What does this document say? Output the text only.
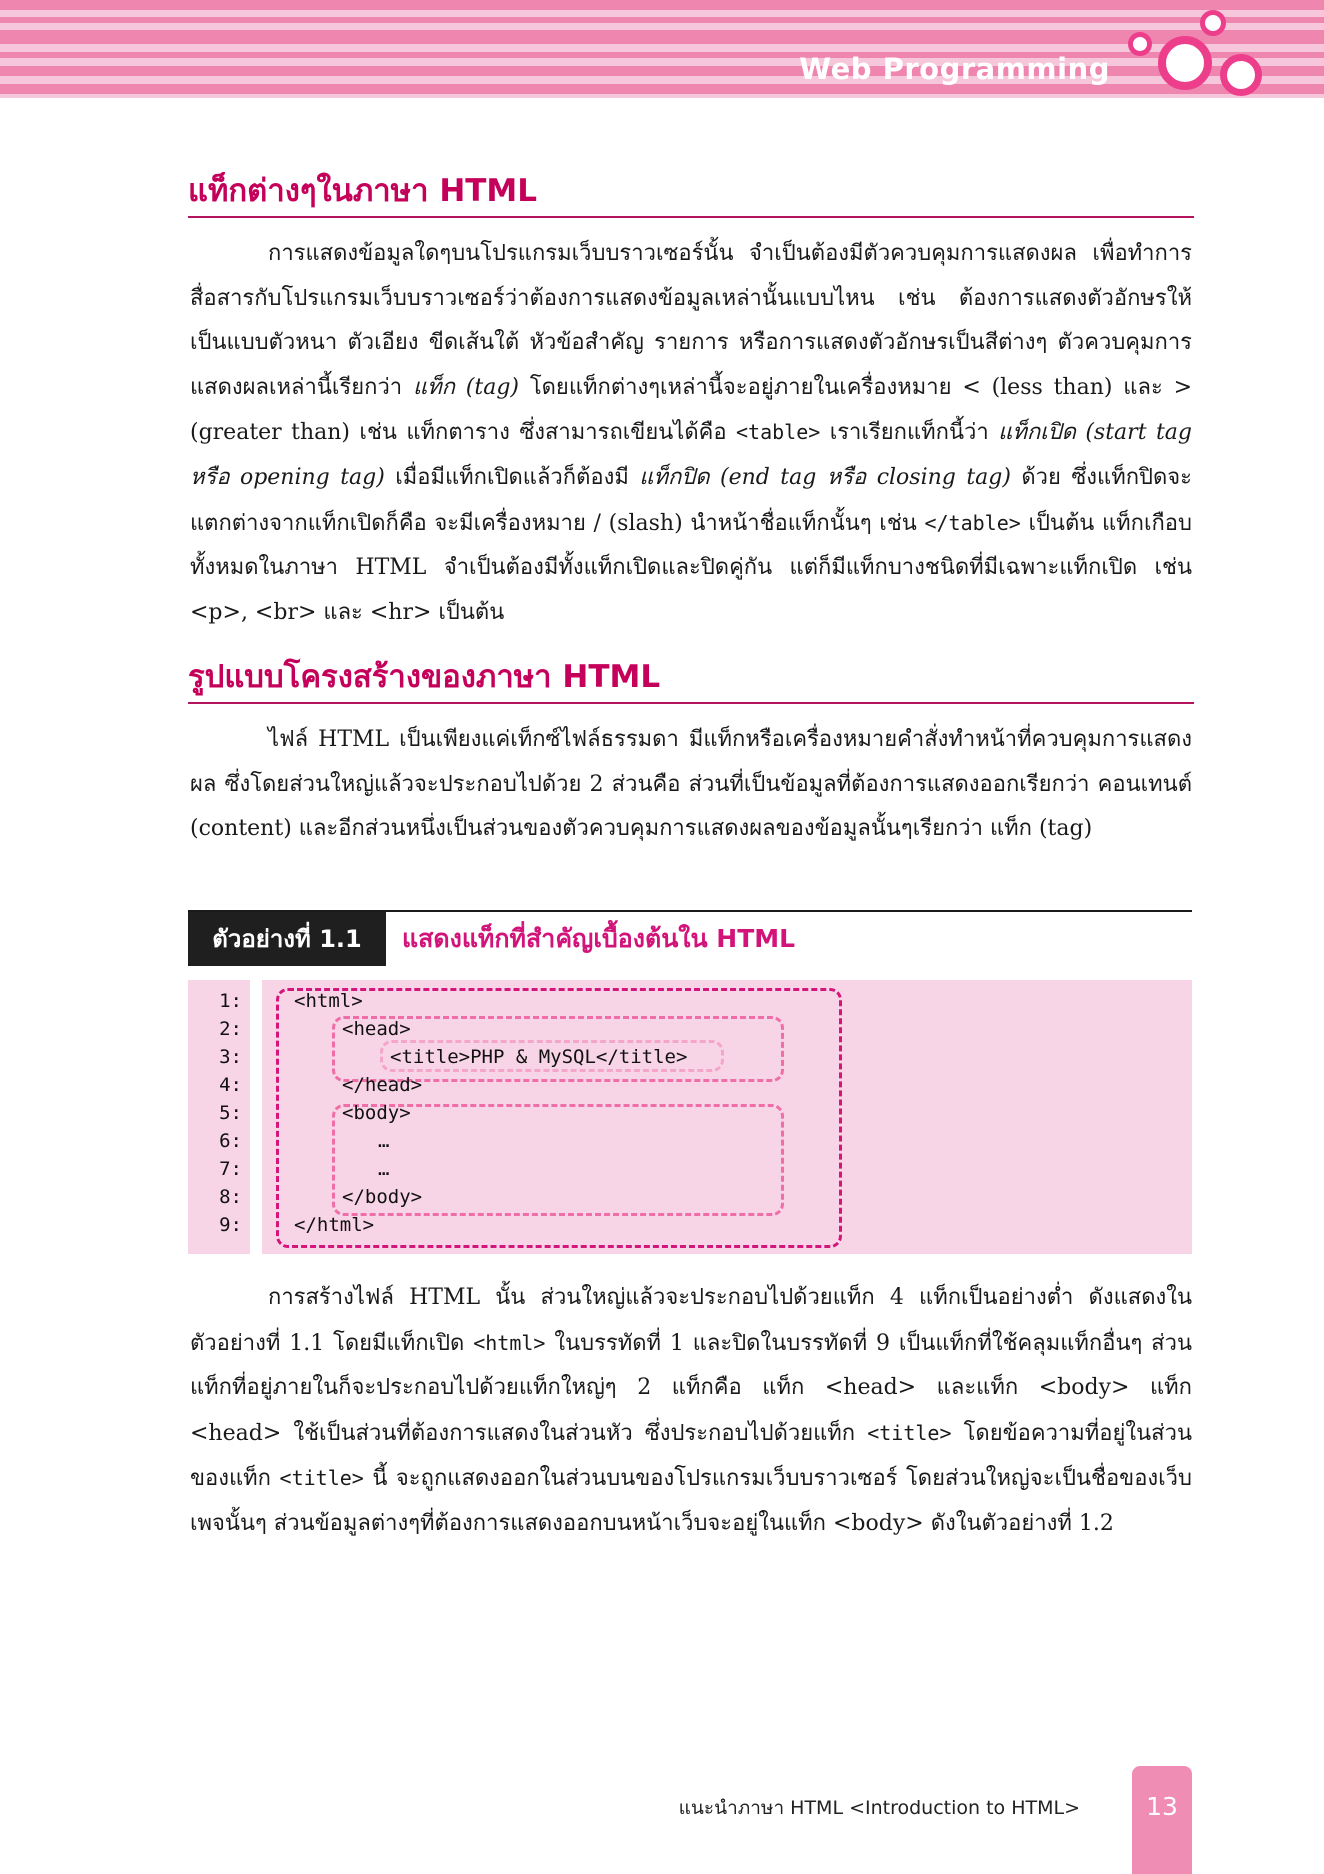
Web Programming
แท็กต่างๆในภาษา HTML
การแสดงข้อมูลใดๆบนโปรแกรมเว็บบราวเซอร์นั้น จำเป็นต้องมีตัวควบคุมการแสดงผล เพื่อทำการสื่อสารกับโปรแกรมเว็บบราวเซอร์ว่าต้องการแสดงข้อมูลเหล่านั้นแบบไหน เช่น ต้องการแสดงตัวอักษรให้เป็นแบบตัวหนา ตัวเอียง ขีดเส้นใต้ หัวข้อสำคัญ รายการ หรือการแสดงตัวอักษรเป็นสีต่างๆ ตัวควบคุมการแสดงผลเหล่านี้เรียกว่า แท็ก (tag) โดยแท็กต่างๆเหล่านี้จะอยู่ภายในเครื่องหมาย < (less than) และ > (greater than) เช่น แท็กตาราง ซึ่งสามารถเขียนได้คือ <table> เราเรียกแท็กนี้ว่า แท็กเปิด (start tag หรือ opening tag) เมื่อมีแท็กเปิดแล้วก็ต้องมี แท็กปิด (end tag หรือ closing tag) ด้วย ซึ่งแท็กปิดจะแตกต่างจากแท็กเปิดก็คือ จะมีเครื่องหมาย / (slash) นำหน้าชื่อแท็กนั้นๆ เช่น </table> เป็นต้น แท็กเกือบทั้งหมดในภาษา HTML จำเป็นต้องมีทั้งแท็กเปิดและปิดคู่กัน แต่ก็มีแท็กบางชนิดที่มีเฉพาะแท็กเปิด เช่น <p>, <br> และ <hr> เป็นต้น
รูปแบบโครงสร้างของภาษา HTML
ไฟล์ HTML เป็นเพียงแค่เท็กซ์ไฟล์ธรรมดา มีแท็กหรือเครื่องหมายคำสั่งทำหน้าที่ควบคุมการแสดงผล ซึ่งโดยส่วนใหญ่แล้วจะประกอบไปด้วย 2 ส่วนคือ ส่วนที่เป็นข้อมูลที่ต้องการแสดงออกเรียกว่า คอนเทนต์ (content) และอีกส่วนหนึ่งเป็นส่วนของตัวควบคุมการแสดงผลของข้อมูลนั้นๆเรียกว่า แท็ก (tag)
ตัวอย่างที่ 1.1	แสดงแท็กที่สำคัญเบื้องต้นใน HTML
1:
2:
3:
4:
5:
6:
7:
8:
9:
<html>
<head>
<title>PHP & MySQL</title>
</head>
<body>
…
…
</body>
</html>
การสร้างไฟล์ HTML นั้น ส่วนใหญ่แล้วจะประกอบไปด้วยแท็ก 4 แท็กเป็นอย่างต่ำ ดังแสดงในตัวอย่างที่ 1.1 โดยมีแท็กเปิด <html> ในบรรทัดที่ 1 และปิดในบรรทัดที่ 9 เป็นแท็กที่ใช้คลุมแท็กอื่นๆ ส่วนแท็กที่อยู่ภายในก็จะประกอบไปด้วยแท็กใหญ่ๆ 2 แท็กคือ แท็ก <head> และแท็ก <body> แท็ก <head> ใช้เป็นส่วนที่ต้องการแสดงในส่วนหัว ซึ่งประกอบไปด้วยแท็ก <title> โดยข้อความที่อยู่ในส่วนของแท็ก <title> นี้ จะถูกแสดงออกในส่วนบนของโปรแกรมเว็บบราวเซอร์ โดยส่วนใหญ่จะเป็นชื่อของเว็บเพจนั้นๆ ส่วนข้อมูลต่างๆที่ต้องการแสดงออกบนหน้าเว็บจะอยู่ในแท็ก <body> ดังในตัวอย่างที่ 1.2
แนะนำภาษา HTML <Introduction to HTML>	13
